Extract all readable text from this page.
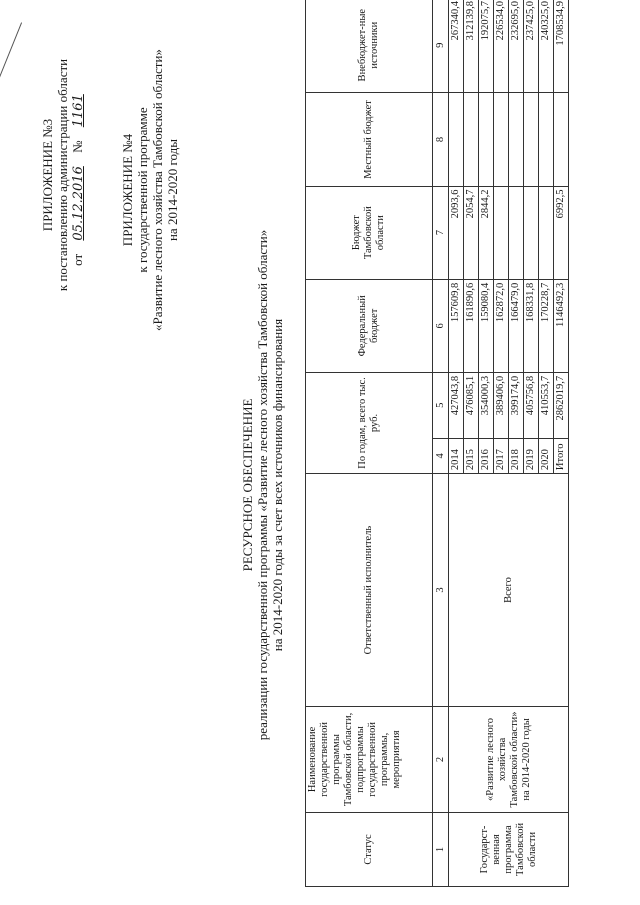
ПРИЛОЖЕНИЕ №3 к постановлению администрации области от 05.12.2016 № 1161
ПРИЛОЖЕНИЕ №4 к государственной программе «Развитие лесного хозяйства Тамбовской области» на 2014-2020 годы
РЕСУРСНОЕ ОБЕСПЕЧЕНИЕ реализации государственной программы «Развитие лесного хозяйства Тамбовской области» на 2014-2020 годы за счет всех источников финансирования
Статус	Наименование государственной программы Тамбовской области, подпрограммы государственной программы, мероприятия	Ответственный исполнитель	По годам, всего тыс. руб.		Федеральный бюджет	Бюджет Тамбовской области	Местный бюджет	Внебюджет-ные источники
1	2	3	4	5	6	7	8	9
Государст-венная программа Тамбовской области	«Развитие лесного хозяйства Тамбовской области» на 2014-2020 годы	Всего	2014	427043,8	157609,8	2093,6		267340,4
			2015	476085,1	161890,6	2054,7		312139,8
			2016	354000,3	159080,4	2844,2		192075,7
			2017	389406,0	162872,0			226534,0
			2018	399174,0	166479,0			232695,0
			2019	405756,8	168331,8			237425,0
			2020	410553,7	170228,7			240325,0
			Итого	2862019,7	1146492,3	6992,5		1708534,9
